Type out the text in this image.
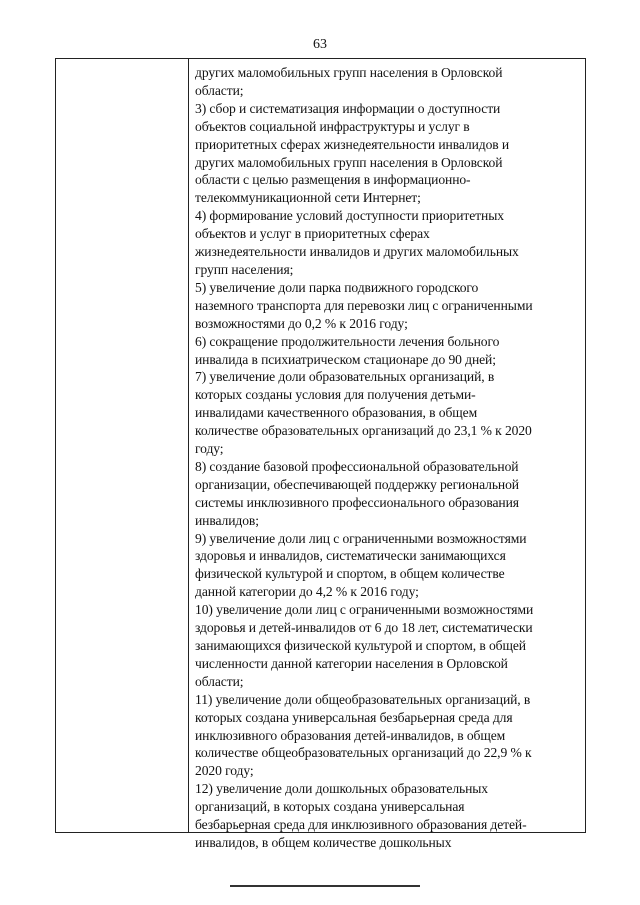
63
других маломобильных групп населения в Орловской
области;
3) сбор и систематизация информации о доступности
объектов социальной инфраструктуры и услуг в
приоритетных сферах жизнедеятельности инвалидов и
других маломобильных групп населения в Орловской
области с целью размещения в информационно-
телекоммуникационной сети Интернет;
4) формирование условий доступности приоритетных
объектов и услуг в приоритетных сферах
жизнедеятельности инвалидов и других маломобильных
групп населения;
5) увеличение доли парка подвижного городского
наземного транспорта для перевозки лиц с ограниченными
возможностями до 0,2 % к 2016 году;
6) сокращение продолжительности лечения больного
инвалида в психиатрическом стационаре до 90 дней;
7) увеличение доли образовательных организаций, в
которых созданы условия для получения детьми-
инвалидами качественного образования, в общем
количестве образовательных организаций до 23,1 % к 2020
году;
8) создание базовой профессиональной образовательной
организации, обеспечивающей поддержку региональной
системы инклюзивного профессионального образования
инвалидов;
9) увеличение доли лиц с ограниченными возможностями
здоровья и инвалидов, систематически занимающихся
физической культурой и спортом, в общем количестве
данной категории до 4,2 % к 2016 году;
10) увеличение доли лиц с ограниченными возможностями
здоровья и детей-инвалидов от 6 до 18 лет, систематически
занимающихся физической культурой и спортом, в общей
численности данной категории населения в Орловской
области;
11) увеличение доли общеобразовательных организаций, в
которых создана универсальная безбарьерная среда для
инклюзивного образования детей-инвалидов, в общем
количестве общеобразовательных организаций до 22,9 % к
2020 году;
12) увеличение доли дошкольных образовательных
организаций, в которых создана универсальная
безбарьерная среда для инклюзивного образования детей-
инвалидов, в общем количестве дошкольных
